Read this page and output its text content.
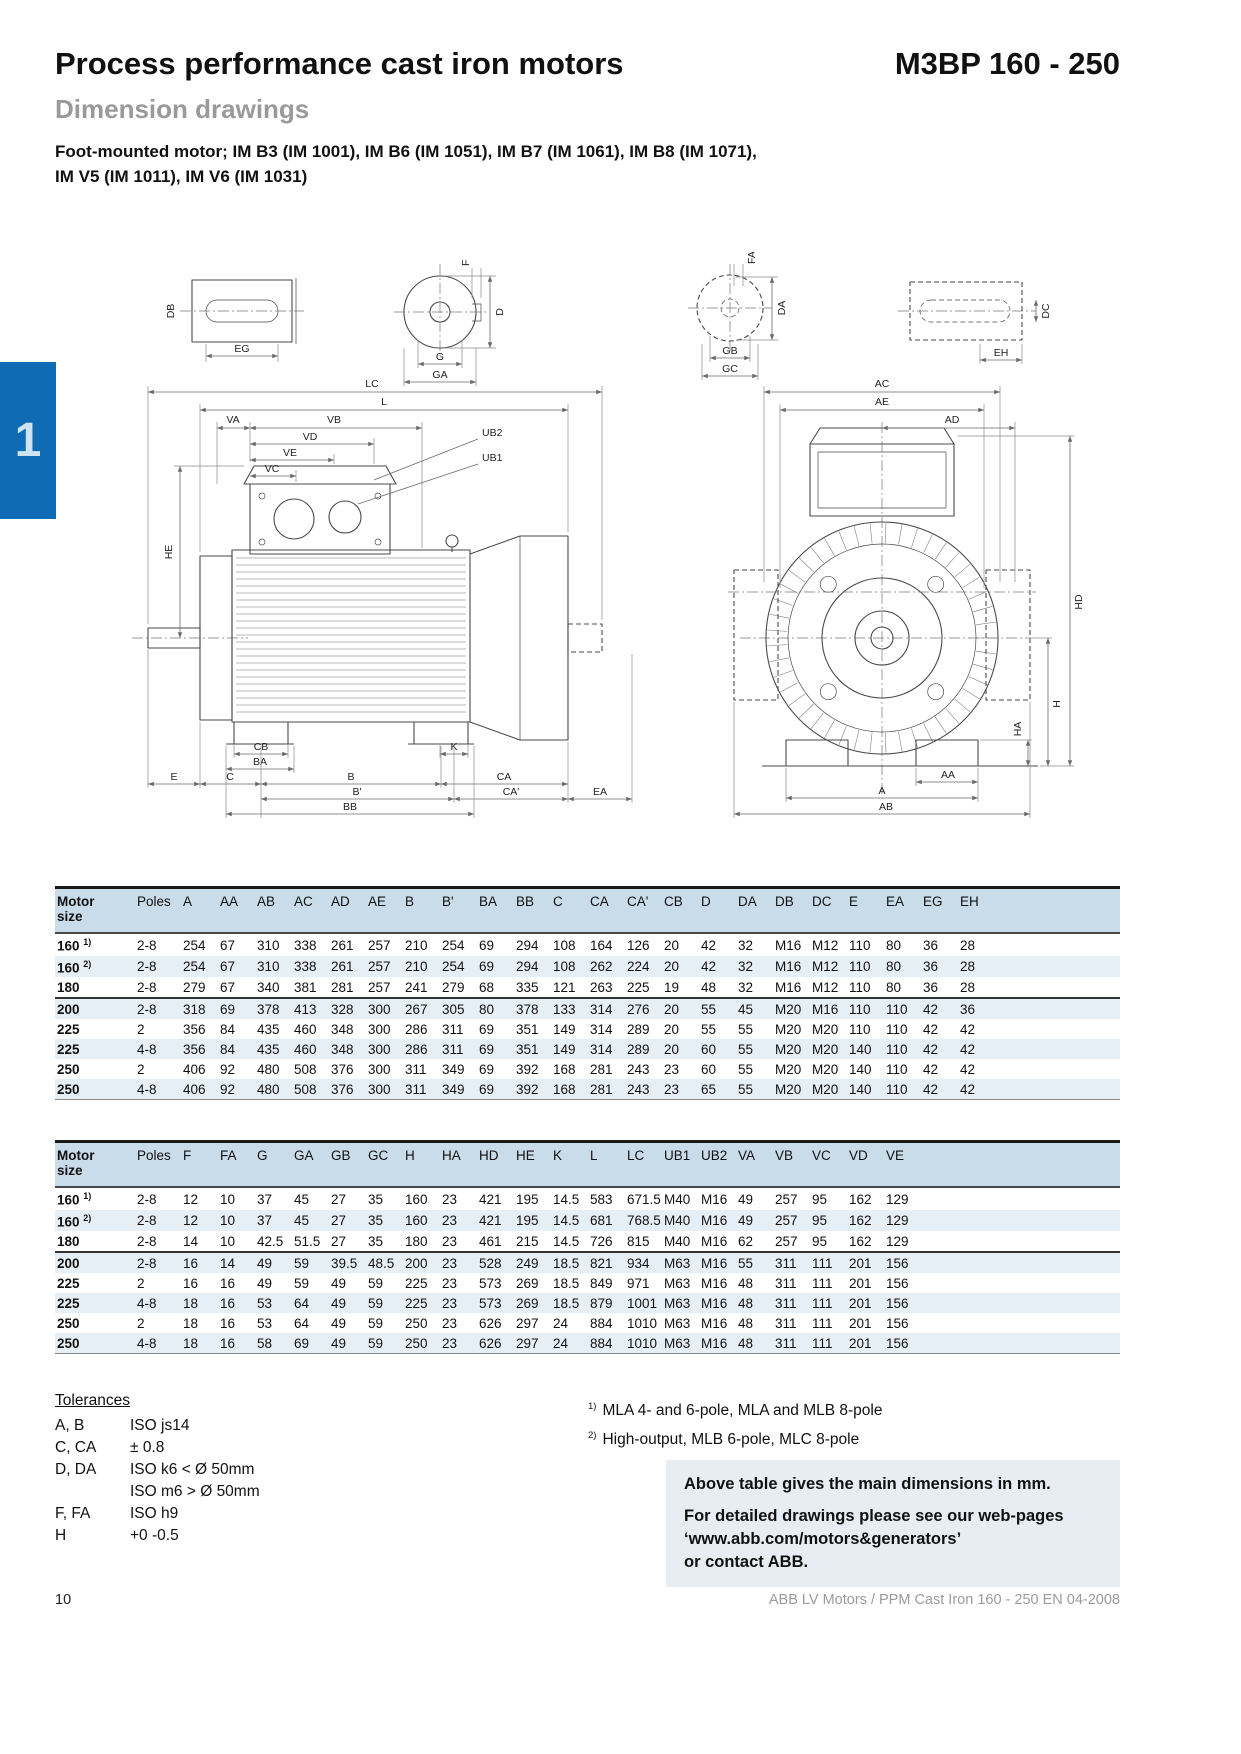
1
Process performance cast iron motors	M3BP 160 - 250
Dimension drawings
Foot-mounted motor; IM B3 (IM 1001), IM B6 (IM 1051), IM B7 (IM 1061), IM B8 (IM 1071),
IM V5 (IM 1011), IM V6 (IM 1031)
DB
EG
F
D
G
GA
FA
DA
GB
GC
DC
EH
LC
L
VA	VB
VD
VE
VC
UB2
UB1
HE
CB
BA
K
E	C	B	CA
B'	CA'	EA
BB
AC
AE
AD
HD
H
HA
AA
A
AB
Motor
size	Poles	A	AA	AB	AC	AD	AE	B	B'	BA	BB	C	CA	CA'	CB	D	DA	DB	DC	E	EA	EG	EH	
160 $^{1)}$	2-8	254	67	310	338	261	257	210	254	69	294	108	164	126	20	42	32	M16	M12	110	80	36	28	
160 $^{2)}$	2-8	254	67	310	338	261	257	210	254	69	294	108	262	224	20	42	32	M16	M12	110	80	36	28	
180	2-8	279	67	340	381	281	257	241	279	68	335	121	263	225	19	48	32	M16	M12	110	80	36	28	
200	2-8	318	69	378	413	328	300	267	305	80	378	133	314	276	20	55	45	M20	M16	110	110	42	36	
225	2	356	84	435	460	348	300	286	311	69	351	149	314	289	20	55	55	M20	M20	110	110	42	42	
225	4-8	356	84	435	460	348	300	286	311	69	351	149	314	289	20	60	55	M20	M20	140	110	42	42	
250	2	406	92	480	508	376	300	311	349	69	392	168	281	243	23	60	55	M20	M20	140	110	42	42	
250	4-8	406	92	480	508	376	300	311	349	69	392	168	281	243	23	65	55	M20	M20	140	110	42	42	
Motor
size	Poles	F	FA	G	GA	GB	GC	H	HA	HD	HE	K	L	LC	UB1	UB2	VA	VB	VC	VD	VE	
160 $^{1)}$	2-8	12	10	37	45	27	35	160	23	421	195	14.5	583	671.5	M40	M16	49	257	95	162	129	
160 $^{2)}$	2-8	12	10	37	45	27	35	160	23	421	195	14.5	681	768.5	M40	M16	49	257	95	162	129	
180	2-8	14	10	42.5	51.5	27	35	180	23	461	215	14.5	726	815	M40	M16	62	257	95	162	129	
200	2-8	16	14	49	59	39.5	48.5	200	23	528	249	18.5	821	934	M63	M16	55	311	111	201	156	
225	2	16	16	49	59	49	59	225	23	573	269	18.5	849	971	M63	M16	48	311	111	201	156	
225	4-8	18	16	53	64	49	59	225	23	573	269	18.5	879	1001	M63	M16	48	311	111	201	156	
250	2	18	16	53	64	49	59	250	23	626	297	24	884	1010	M63	M16	48	311	111	201	156	
250	4-8	18	16	58	69	49	59	250	23	626	297	24	884	1010	M63	M16	48	311	111	201	156	
Tolerances
A, B	ISO js14
C, CA	± 0.8
D, DA	ISO k6 < Ø 50mm
ISO m6 > Ø 50mm
F, FA	ISO h9
H	+0 -0.5
$^{1)}$ MLA 4- and 6-pole, MLA and MLB 8-pole
$^{2)}$ High-output, MLB 6-pole, MLC 8-pole

Above table gives the main dimensions in mm.

For detailed drawings please see our web-pages

‘www.abb.com/motors&generators’

or contact ABB.

10	ABB LV Motors / PPM Cast Iron 160 - 250 EN 04-2008
